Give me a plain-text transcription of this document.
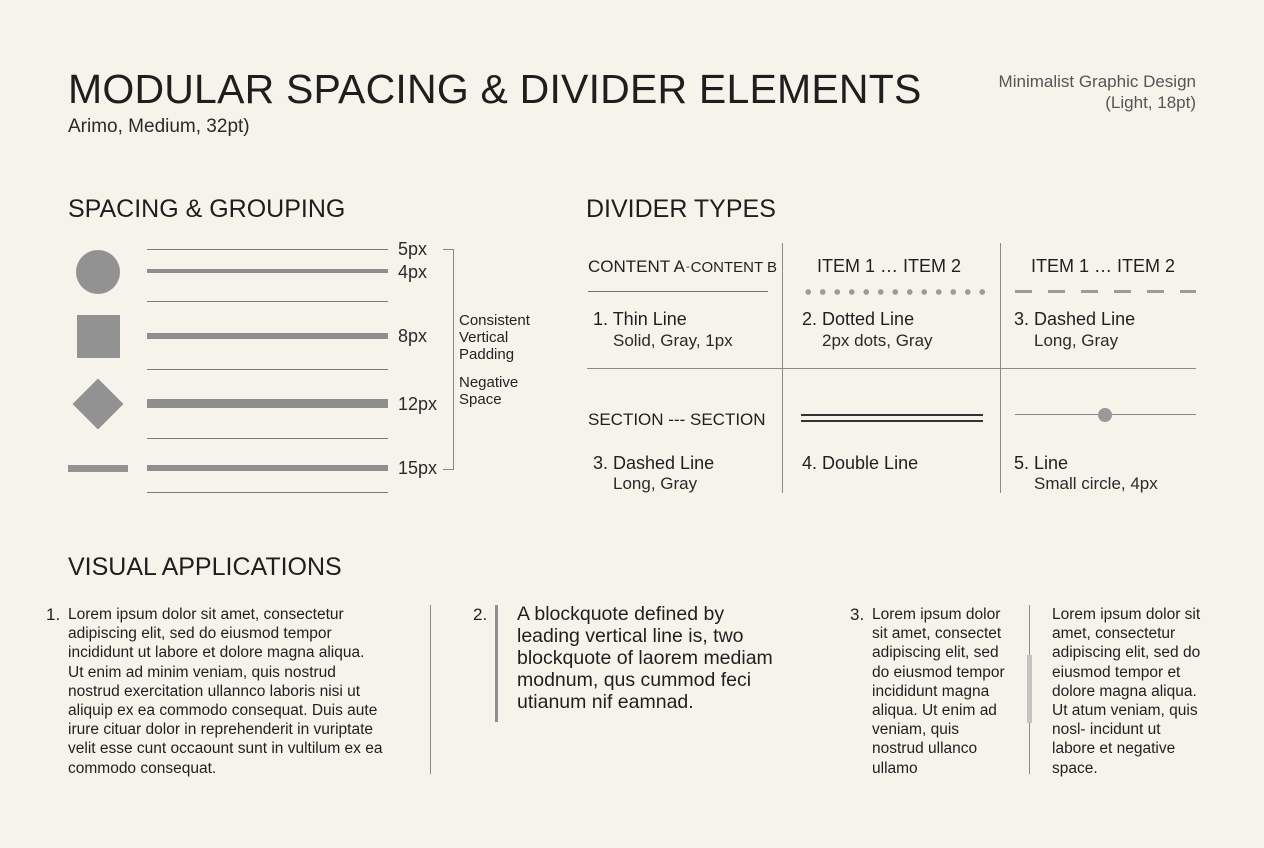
MODULAR SPACING & DIVIDER ELEMENTS
Arimo, Medium, 32pt)
Minimalist Graphic Design
(Light, 18pt)
SPACING & GROUPING
5px
4px
8px
12px
15px
Consistent Vertical Padding
Negative Space
DIVIDER TYPES
CONTENT A-CONTENT B
1. Thin Line
Solid, Gray, 1px
ITEM 1 … ITEM 2
2. Dotted Line
2px dots, Gray
ITEM 1 … ITEM 2
3. Dashed Line
Long, Gray
SECTION --- SECTION
3. Dashed Line
Long, Gray
4. Double Line	5. Line
Small circle, 4px
VISUAL APPLICATIONS
1. Lorem ipsum dolor sit amet, consectetur adipiscing elit, sed do eiusmod tempor incididunt ut labore et dolore magna aliqua. Ut enim ad minim veniam, quis nostrud nostrud exercitation ullannco laboris nisi ut aliquip ex ea commodo consequat. Duis aute irure cituar dolor in reprehenderit in vuriptate velit esse cunt occaount sunt in vultilum ex ea commodo consequat.
2. A blockquote defined by leading vertical line is, two blockquote of laorem mediam modnum, qus cummod feci utianum nif eamnad.
3. Lorem ipsum dolor sit amet, consectet adipiscing elit, sed do eiusmod tempor incididunt magna aliqua. Ut enim ad veniam, quis nostrud ullanco ullamo
Lorem ipsum dolor sit amet, consectetur adipiscing elit, sed do eiusmod tempor et dolore magna aliqua. Ut atum veniam, quis nosl- incidunt ut labore et negative space.
